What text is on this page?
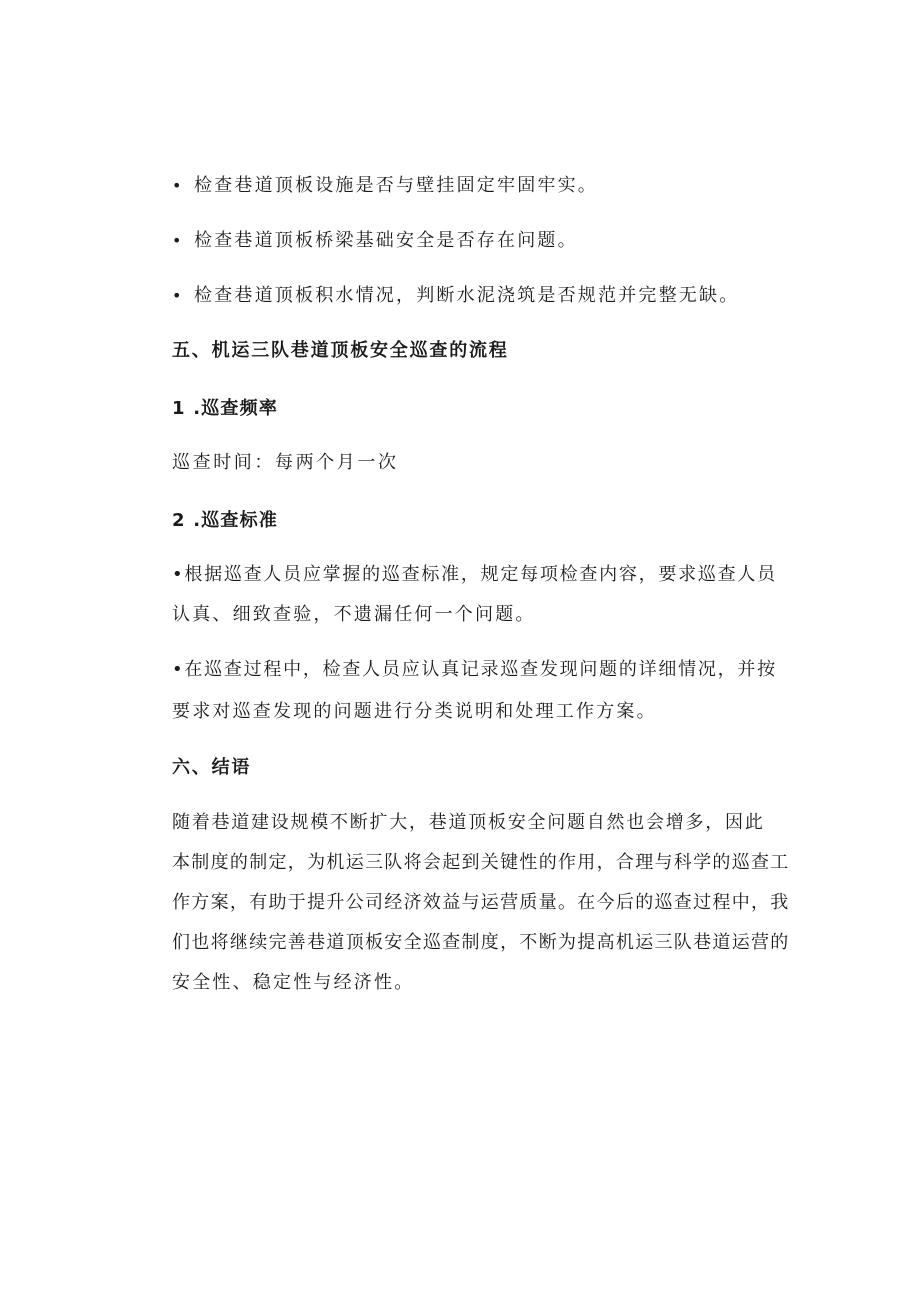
• 检查巷道顶板设施是否与壁挂固定牢固牢实。
• 检查巷道顶板桥梁基础安全是否存在问题。
• 检查巷道顶板积水情况，判断水泥浇筑是否规范并完整无缺。
五、机运三队巷道顶板安全巡查的流程
1 .巡查频率
巡查时间：每两个月一次
2 .巡查标准
•根据巡查人员应掌握的巡查标准，规定每项检查内容，要求巡查人员
认真、细致查验，不遗漏任何一个问题。
•在巡查过程中，检查人员应认真记录巡查发现问题的详细情况，并按
要求对巡查发现的问题进行分类说明和处理工作方案。
六、结语
随着巷道建设规模不断扩大，巷道顶板安全问题自然也会增多，因此
本制度的制定，为机运三队将会起到关键性的作用，合理与科学的巡查工
作方案，有助于提升公司经济效益与运营质量。在今后的巡查过程中，我
们也将继续完善巷道顶板安全巡查制度，不断为提高机运三队巷道运营的
安全性、稳定性与经济性。
